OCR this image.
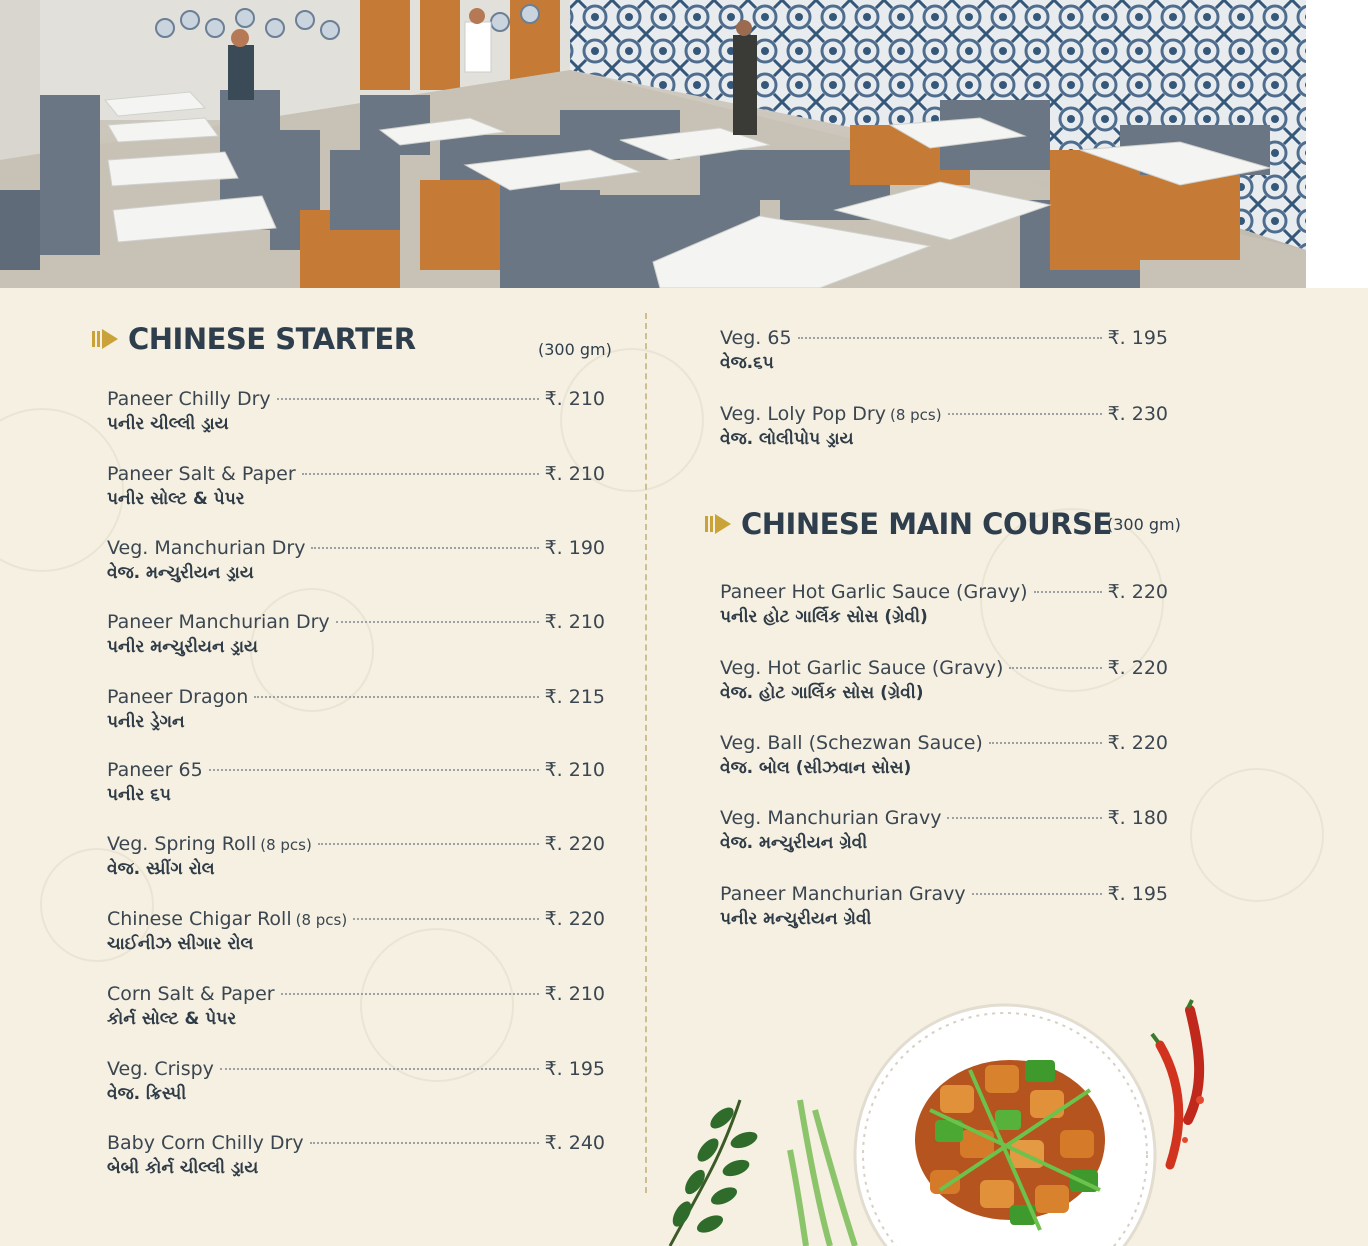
CHINESE STARTER	(300 gm)
Paneer Chilly Dry	₹. 210
પનીર ચીલ્લી ડ્રાય
Paneer Salt & Paper	₹. 210
પનીર સોલ્ટ & પેપર
Veg. Manchurian Dry	₹. 190
વેજ. મન્ચુરીયન ડ્રાય
Paneer Manchurian Dry	₹. 210
પનીર મન્ચુરીયન ડ્રાય
Paneer Dragon	₹. 215
પનીર ડ્રેગન
Paneer 65	₹. 210
પનીર ૬૫
Veg. Spring Roll (8 pcs)	₹. 220
વેજ. સ્પ્રીંગ રોલ
Chinese Chigar Roll (8 pcs)	₹. 220
ચાઈનીઝ સીગાર રોલ
Corn Salt & Paper	₹. 210
કોર્ન સોલ્ટ & પેપર
Veg. Crispy	₹. 195
વેજ. ક્રિસ્પી
Baby Corn Chilly Dry	₹. 240
બેબી કોર્ન ચીલ્લી ડ્રાય
Veg. 65	₹. 195
વેજ.૬૫
Veg. Loly Pop Dry (8 pcs)	₹. 230
વેજ. લોલીપોપ ડ્રાય
CHINESE MAIN COURSE
(300 gm)
Paneer Hot Garlic Sauce (Gravy)	₹. 220
પનીર હોટ ગાર્લિક સોસ (ગ્રેવી)
Veg. Hot Garlic Sauce (Gravy)	₹. 220
વેજ. હોટ ગાર્લિક સોસ (ગ્રેવી)
Veg. Ball (Schezwan Sauce)	₹. 220
વેજ. બોલ (સીઝવાન સોસ)
Veg. Manchurian Gravy	₹. 180
વેજ. મન્ચુરીયન ગ્રેવી
Paneer Manchurian Gravy	₹. 195
પનીર મન્ચુરીયન ગ્રેવી
